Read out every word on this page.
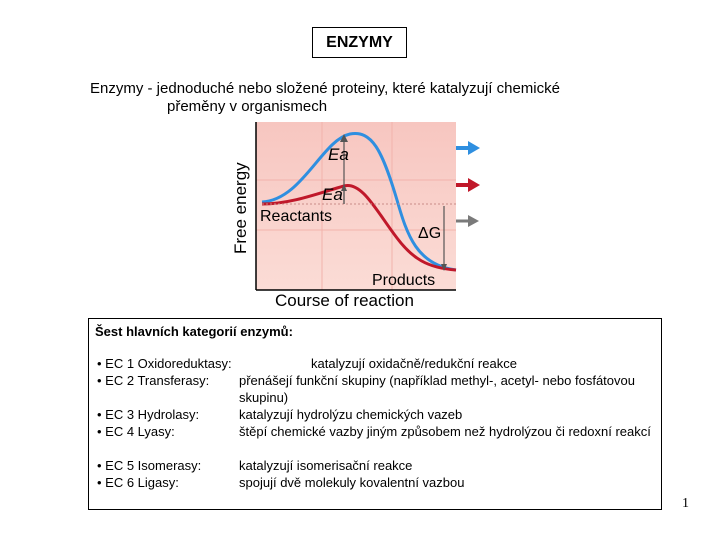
ENZYMY
Enzymy - jednoduché nebo složené proteiny, které katalyzují chemické
přeměny v organismech
Free energy
Course of reaction
Ea
Ea
Reactants
Products
ΔG
Šest hlavních kategorií enzymů:
• EC 1 Oxidoreduktasy:	katalyzují oxidačně/redukční reakce
• EC 2 Transferasy: přenášejí funkční skupiny (například methyl-, acetyl- nebo fosfátovou skupinu)
• EC 3 Hydrolasy:	katalyzují hydrolýzu chemických vazeb
• EC 4 Lyasy:	štěpí chemické vazby jiným způsobem než hydrolýzou či redoxní reakcí
• EC 5 Isomerasy:	katalyzují isomerisační reakce
• EC 6 Ligasy:	spojují dvě molekuly kovalentní vazbou
1
